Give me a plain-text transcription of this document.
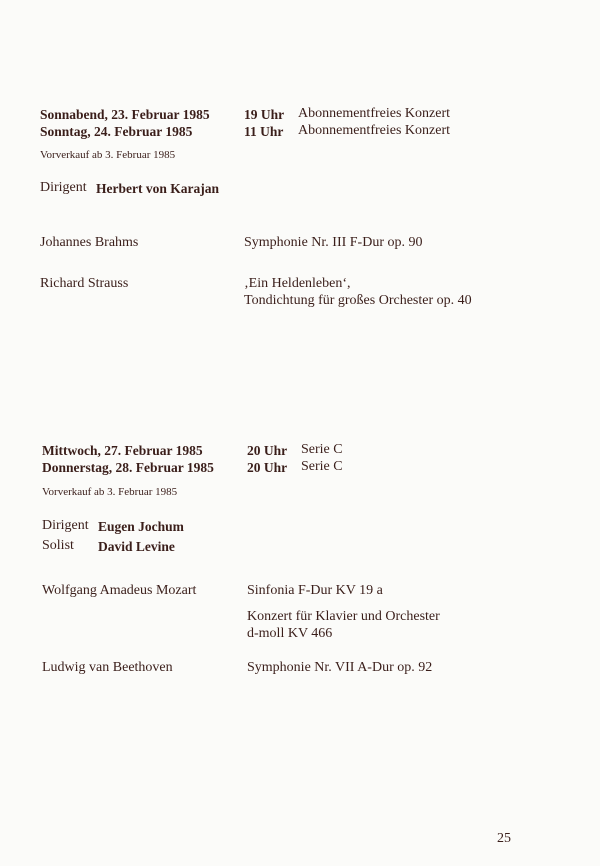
Sonnabend, 23. Februar 1985	19 Uhr Abonnementfreies Konzert
Sonntag, 24. Februar 1985	11 Uhr Abonnementfreies Konzert
Vorverkauf ab 3. Februar 1985
Dirigent Herbert von Karajan
Johannes Brahms	Symphonie Nr. III F-Dur op. 90
Richard Strauss	‚Ein Heldenleben‘,
Tondichtung für großes Orchester op. 40
Mittwoch, 27. Februar 1985	20 Uhr Serie C
Donnerstag, 28. Februar 1985 20 Uhr Serie C
Vorverkauf ab 3. Februar 1985
Dirigent Eugen Jochum
Solist David Levine
Wolfgang Amadeus Mozart	Sinfonia F-Dur KV 19 a
Konzert für Klavier und Orchester
d-moll KV 466
Ludwig van Beethoven	Symphonie Nr. VII A-Dur op. 92
25
